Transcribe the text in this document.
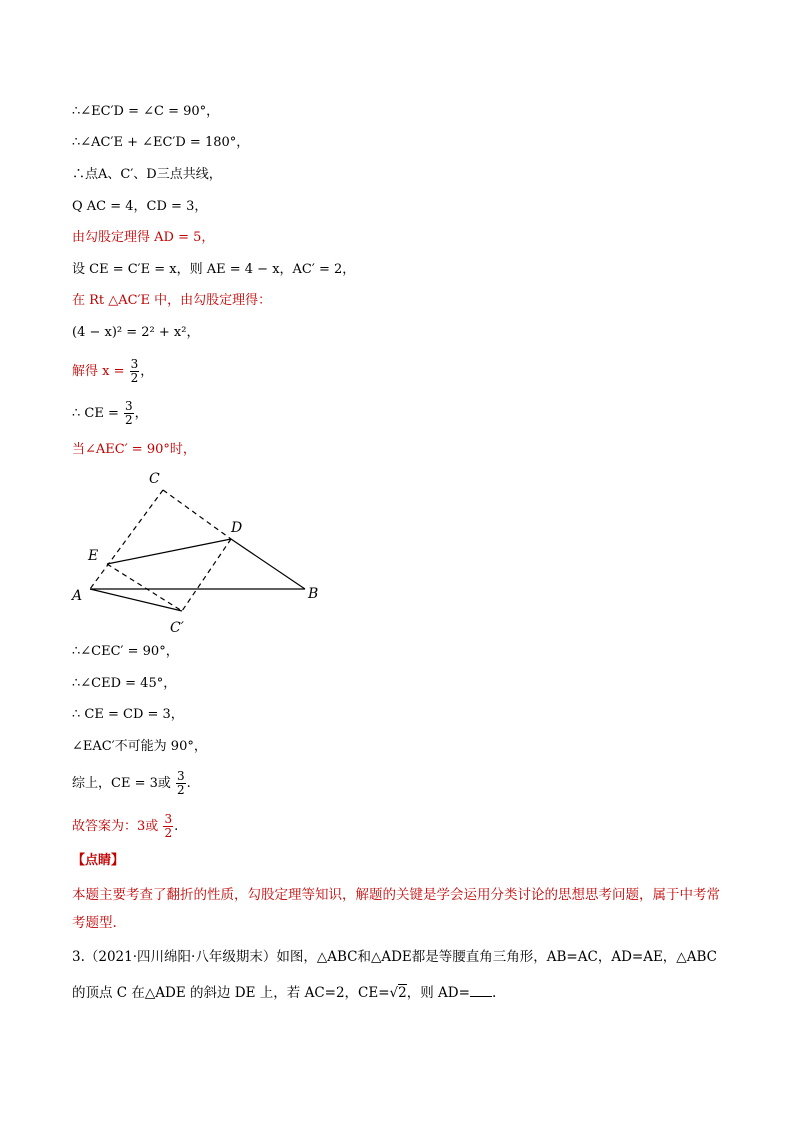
∴∠EC′D = ∠C = 90°，
∴∠AC′E + ∠EC′D = 180°，
∴点A、C′、D三点共线，
Q AC = 4，CD = 3，
由勾股定理得 AD = 5，
设 CE = C′E = x，则 AE = 4 − x，AC′ = 2，
在 Rt △AC′E 中，由勾股定理得：
(4 − x)² = 2² + x²，
解得 $x = \frac{3}{2}$ ，
∴ CE = $\frac{3}{2}$ ，
当∠AEC′ = 90°时，
C
D
E
A	B
C′
∴∠CEC′ = 90°，
∴∠CED = 45°，
∴ CE = CD = 3，
∠EAC′不可能为 90°，
综上，CE = 3或 $\frac{3}{2}$ .
故答案为：3或 $\frac{3}{2}$ .
【点睛】
本题主要考查了翻折的性质，勾股定理等知识，解题的关键是学会运用分类讨论的思想思考问题，属于中考常考题型.
3.（2021·四川绵阳·八年级期末）如图，△ABC和△ADE都是等腰直角三角形，AB=AC，AD=AE，△ABC
的顶点 C 在△ADE 的斜边 DE 上，若 AC=2，CE=√2，则 AD= .
